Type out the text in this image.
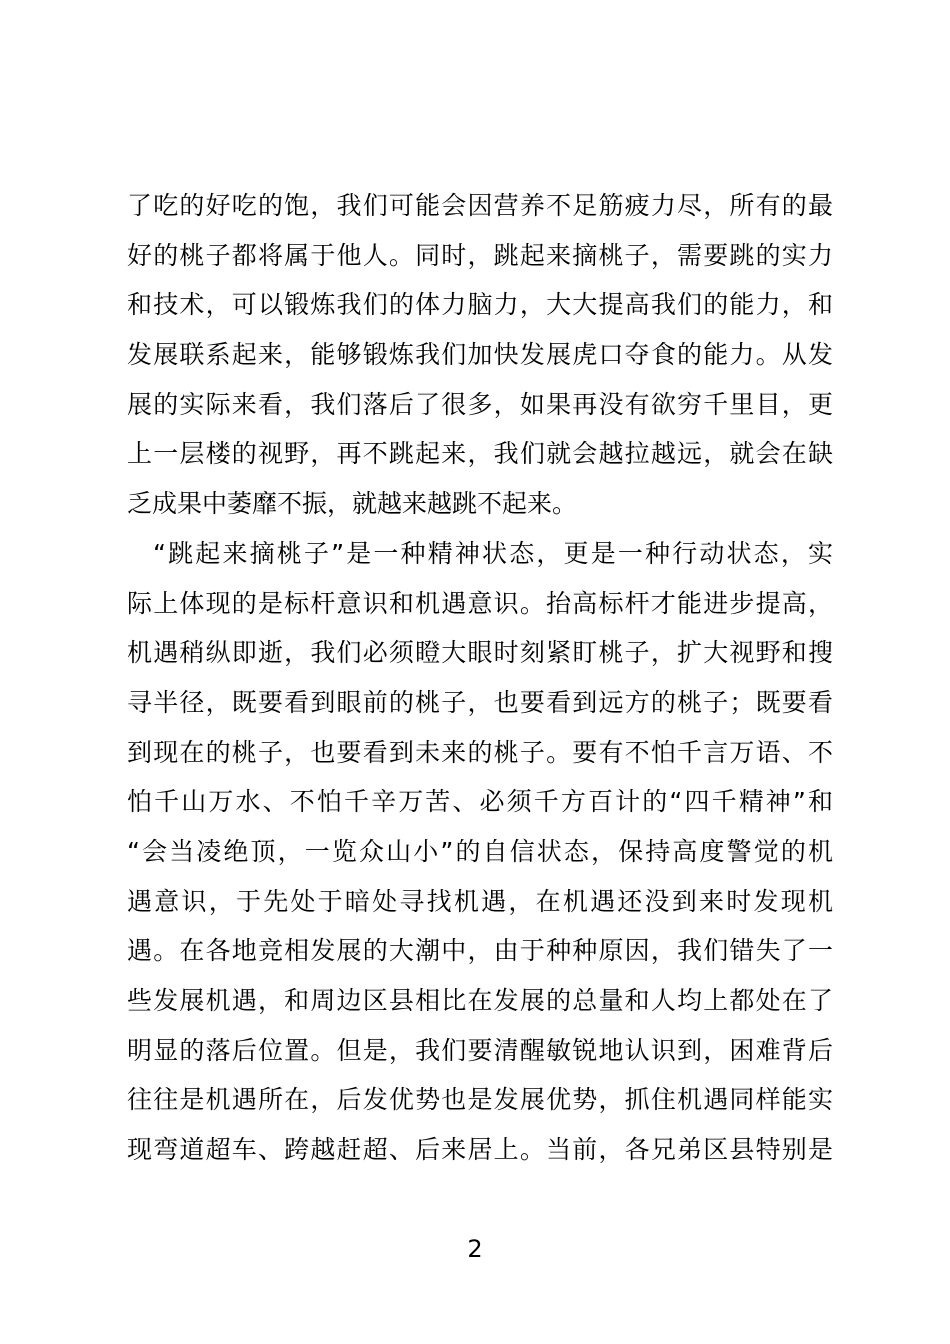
了吃的好吃的饱，我们可能会因营养不足筋疲力尽，所有的最
好的桃子都将属于他人。同时，跳起来摘桃子，需要跳的实力
和技术，可以锻炼我们的体力脑力，大大提高我们的能力，和
发展联系起来，能够锻炼我们加快发展虎口夺食的能力。从发
展的实际来看，我们落后了很多，如果再没有欲穷千里目，更
上一层楼的视野，再不跳起来，我们就会越拉越远，就会在缺
乏成果中萎靡不振，就越来越跳不起来。
“跳起来摘桃子”是一种精神状态，更是一种行动状态，实
际上体现的是标杆意识和机遇意识。抬高标杆才能进步提高，
机遇稍纵即逝，我们必须瞪大眼时刻紧盯桃子，扩大视野和搜
寻半径，既要看到眼前的桃子，也要看到远方的桃子；既要看
到现在的桃子，也要看到未来的桃子。要有不怕千言万语、不
怕千山万水、不怕千辛万苦、必须千方百计的“四千精神”和
“会当凌绝顶，一览众山小”的自信状态，保持高度警觉的机
遇意识，于先处于暗处寻找机遇，在机遇还没到来时发现机
遇。在各地竞相发展的大潮中，由于种种原因，我们错失了一
些发展机遇，和周边区县相比在发展的总量和人均上都处在了
明显的落后位置。但是，我们要清醒敏锐地认识到，困难背后
往往是机遇所在，后发优势也是发展优势，抓住机遇同样能实
现弯道超车、跨越赶超、后来居上。当前，各兄弟区县特别是
2
